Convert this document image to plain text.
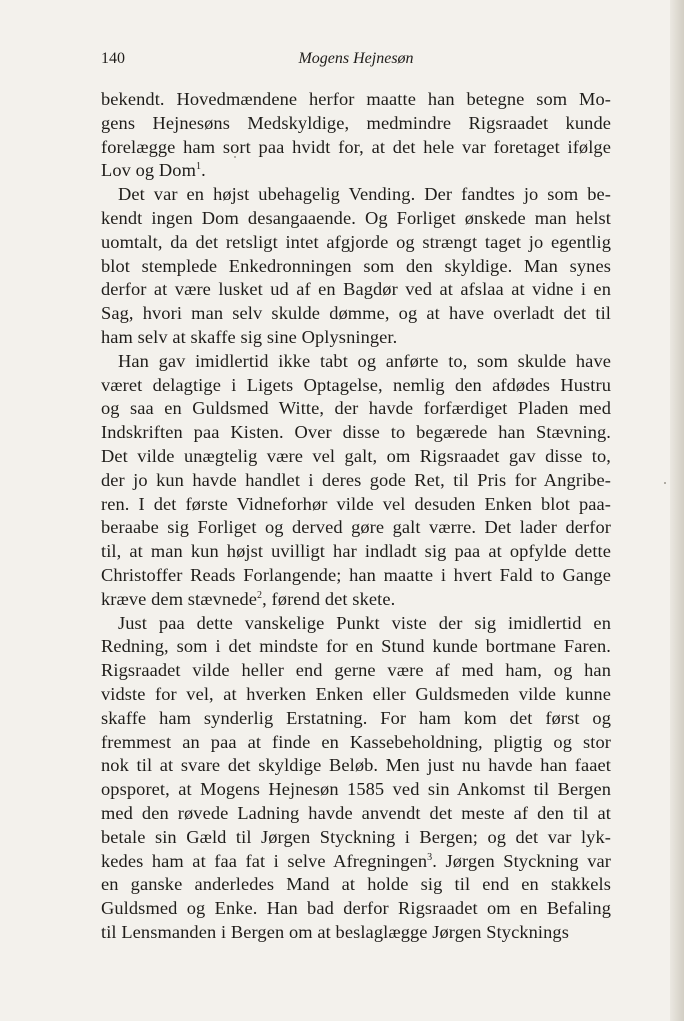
140	Mogens Hejnesøn
bekendt. Hovedmændene herfor maatte han betegne som Mo-
gens Hejnesøns Medskyldige, medmindre Rigsraadet kunde
forelægge ham sort paa hvidt for, at det hele var foretaget ifølge
Lov og Dom$^1$.
Det var en højst ubehagelig Vending. Der fandtes jo som be-
kendt ingen Dom desangaaende. Og Forliget ønskede man helst
uomtalt, da det retsligt intet afgjorde og strængt taget jo egentlig
blot stemplede Enkedronningen som den skyldige. Man synes
derfor at være lusket ud af en Bagdør ved at afslaa at vidne i en
Sag, hvori man selv skulde dømme, og at have overladt det til
ham selv at skaffe sig sine Oplysninger.
Han gav imidlertid ikke tabt og anførte to, som skulde have
været delagtige i Ligets Optagelse, nemlig den afdødes Hustru
og saa en Guldsmed Witte, der havde forfærdiget Pladen med
Indskriften paa Kisten. Over disse to begærede han Stævning.
Det vilde unægtelig være vel galt, om Rigsraadet gav disse to,
der jo kun havde handlet i deres gode Ret, til Pris for Angribe-
ren. I det første Vidneforhør vilde vel desuden Enken blot paa-
beraabe sig Forliget og derved gøre galt værre. Det lader derfor
til, at man kun højst uvilligt har indladt sig paa at opfylde dette
Christoffer Reads Forlangende; han maatte i hvert Fald to Gange
kræve dem stævnede$^2$, førend det skete.
Just paa dette vanskelige Punkt viste der sig imidlertid en
Redning, som i det mindste for en Stund kunde bortmane Faren.
Rigsraadet vilde heller end gerne være af med ham, og han
vidste for vel, at hverken Enken eller Guldsmeden vilde kunne
skaffe ham synderlig Erstatning. For ham kom det først og
fremmest an paa at finde en Kassebeholdning, pligtig og stor
nok til at svare det skyldige Beløb. Men just nu havde han faaet
opsporet, at Mogens Hejnesøn 1585 ved sin Ankomst til Bergen
med den røvede Ladning havde anvendt det meste af den til at
betale sin Gæld til Jørgen Styckning i Bergen; og det var lyk-
kedes ham at faa fat i selve Afregningen$^3$. Jørgen Styckning var
en ganske anderledes Mand at holde sig til end en stakkels
Guldsmed og Enke. Han bad derfor Rigsraadet om en Befaling
til Lensmanden i Bergen om at beslaglægge Jørgen Stycknings
